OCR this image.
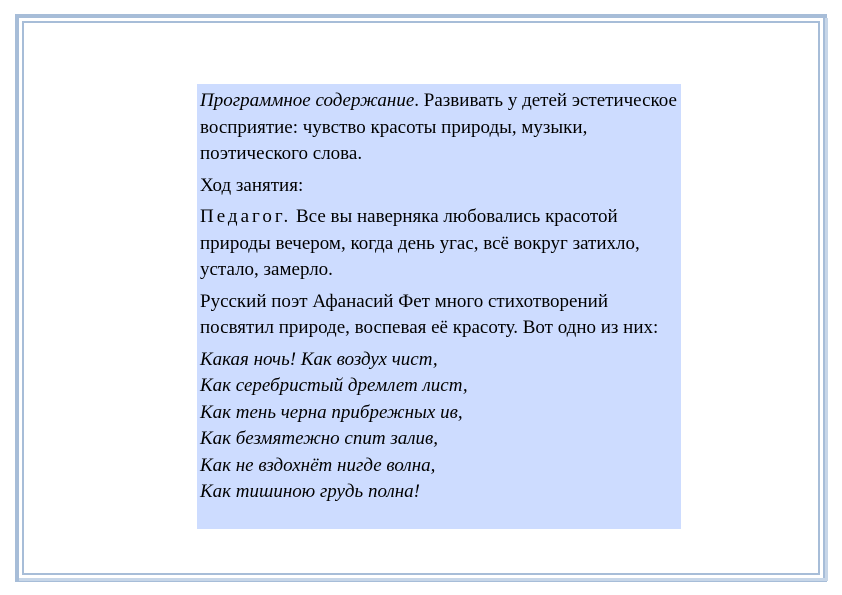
Программное содержание. Развивать у детей эстетическое восприятие: чувство красоты природы, музыки, поэтического слова.

Ход занятия:

Педагог. Все вы наверняка любовались красотой природы вечером, когда день угас, всё вокруг затихло, устало, замерло.

Русский поэт Афанасий Фет много стихотворений посвятил природе, воспевая её красоту. Вот одно из них:

Какая ночь! Как воздух чист,
Как серебристый дремлет лист,
Как тень черна прибрежных ив,
Как безмятежно спит залив,
Как не вздохнёт нигде волна,
Как тишиною грудь полна!
